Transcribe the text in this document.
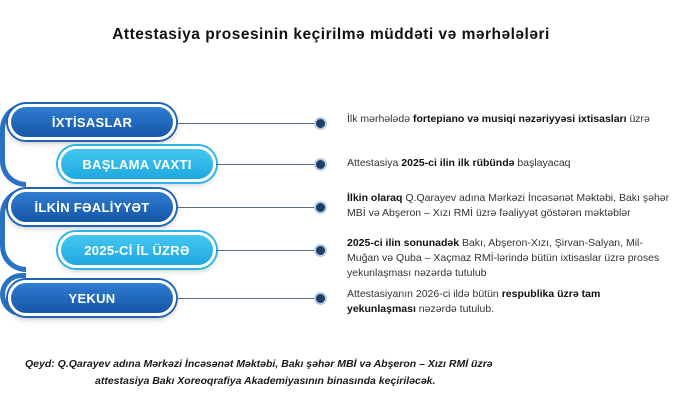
Attestasiya prosesinin keçirilmə müddəti və mərhələləri
İXTİSASLAR
BAŞLAMA VAXTI
İLKİN FƏALİYYƏT
2025-Cİ İL ÜZRƏ
YEKUN
İlk mərhələdə fortepiano və musiqi nəzəriyyəsi ixtisasları üzrə
Attestasiya 2025-ci ilin ilk rübündə başlayacaq
İlkin olaraq Q.Qarayev adına Mərkəzi İncəsənət Məktəbi, Bakı şəhər
MBİ və Abşeron – Xızı RMİ üzrə fəaliyyət göstərən məktəblər
2025-ci ilin sonunadək Bakı, Abşeron-Xızı, Şirvan-Salyan, Mil-
Muğan və Quba – Xaçmaz RMİ-lərində bütün ixtisaslar üzrə proses
yekunlaşması nəzərdə tutulub
Attestasiyanın 2026-ci ildə bütün respublika üzrə tam
yekunlaşması nəzərdə tutulub.
Qeyd: Q.Qarayev adına Mərkəzi İncəsənət Məktəbi, Bakı şəhər MBİ və Abşeron – Xızı RMİ üzrə
attestasiya Bakı Xoreoqrafiya Akademiyasının binasında keçiriləcək.
